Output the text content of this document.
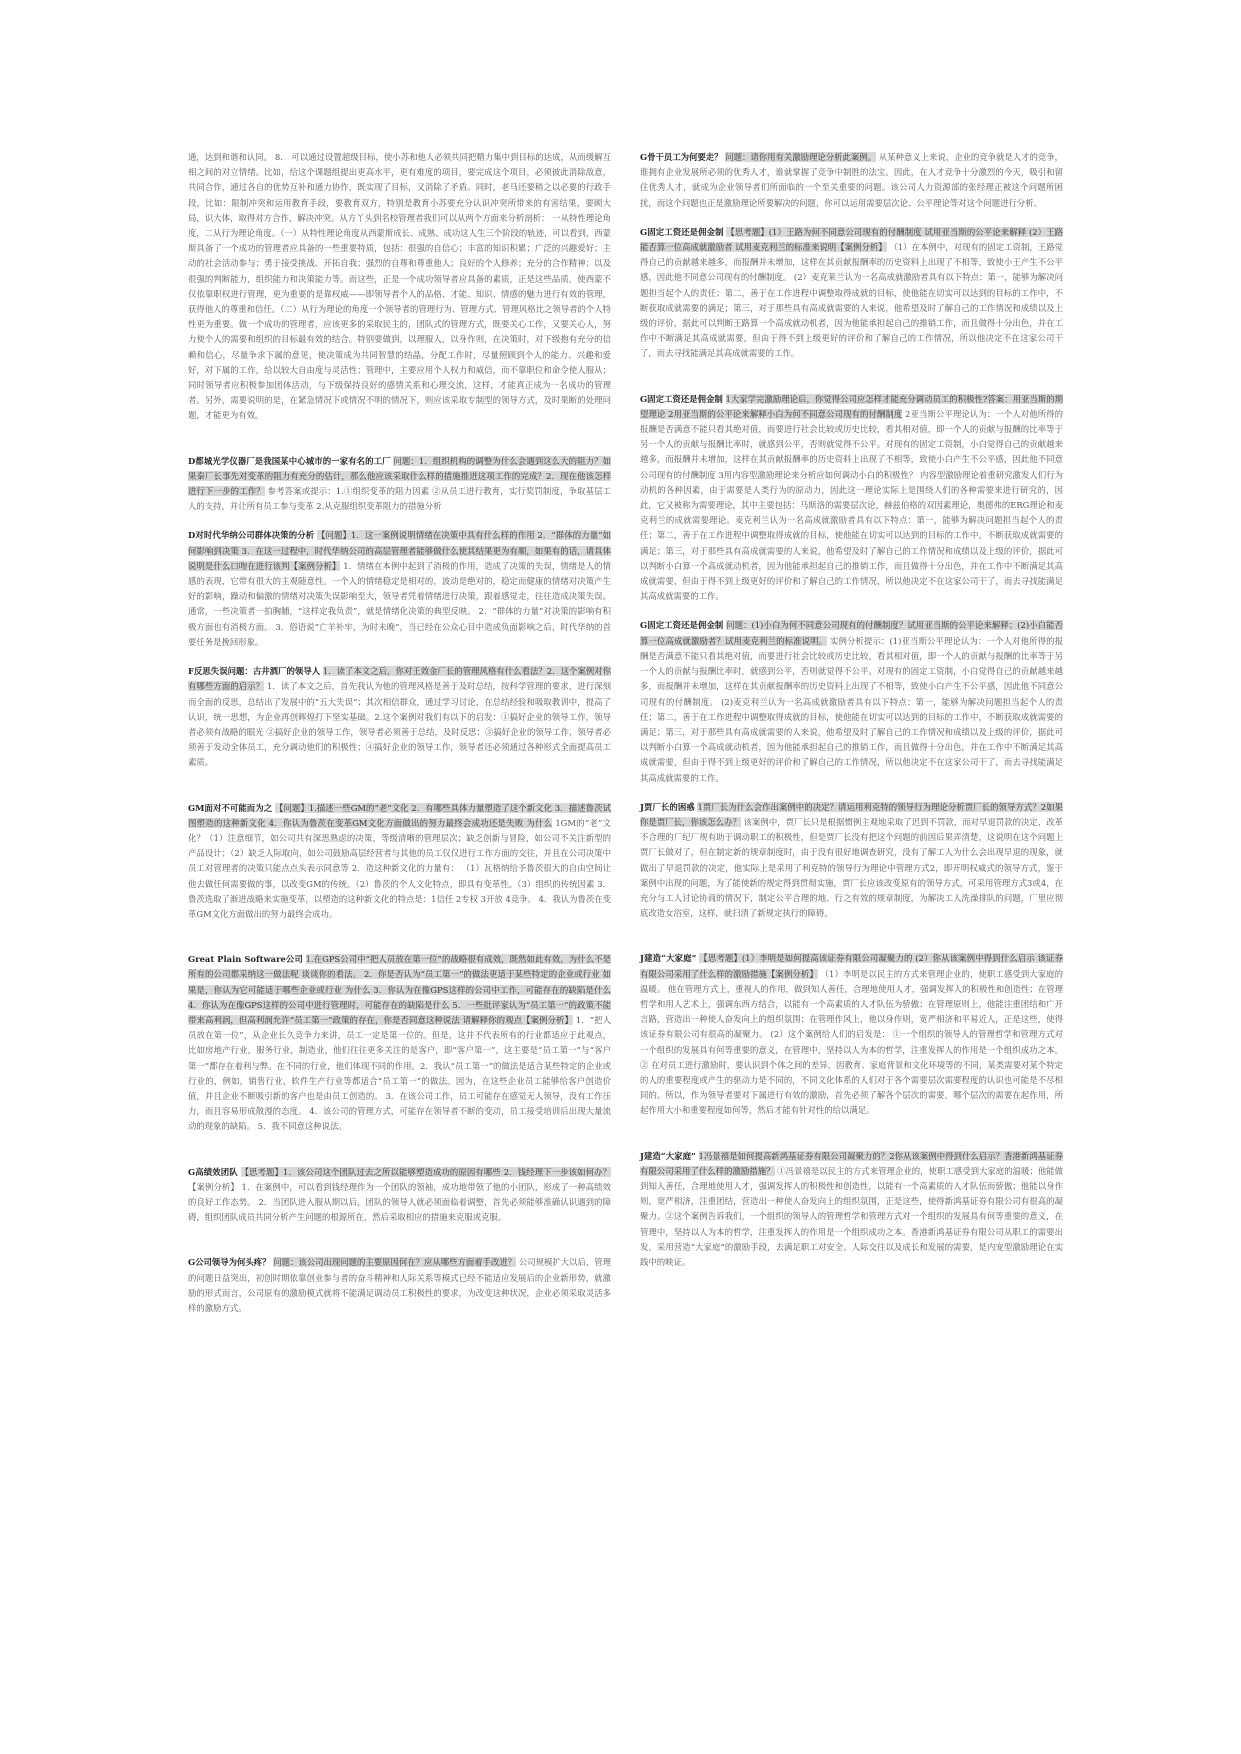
通，达到和谐和认同。 8． 可以通过设置超级目标，使小苏和他人必须共同把精力集中到目标的达成，从而缓解互相之间的对立情绪。比如，给这个课题组提出更高水平，更有难度的项目，要完成这个项目，必须彼此消除敌意，共同合作，通过各自的优势互补和通力协作，既实现了目标，又消除了矛盾。同时，老马还要稍之以必要的行政手段，比如：限制冲突和运用教育手段，要教育双方，特别是教育小苏要充分认识冲突所带来的有害结果，要顾大局，识大体，取得对方合作，解决冲突。从方丫头到名校管理者我们可以从两个方面来分析剖析： 一从特性理论角度，二从行为理论角度。（一）从特性理论角度从西蒙斯成长、成熟、成功这人生三个阶段的轨迹，可以看到，西蒙斯具备了一个成功的管理者应具备的一些重要特质，包括：很强的自信心；丰富的知识积累；广泛的兴趣爱好；主动的社会活动参与；勇于接受挑战、开拓自我；强烈的自尊和尊重他人；良好的个人修养；充分的合作精神；以及很强的判断能力，组织能力和决策能力等。而这些，正是一个成功领导者应具备的素质，正是这些品质，使西蒙不仅依靠职权进行管理，更为重要的是靠权威——即领导者个人的品格、才能、知识、情感的魅力进行有效的管理，获得他人的尊重和信任。（二）从行为理论的角度一个领导者的管理行为、管理方式、管理风格比之领导者的个人特性更为重要。做一个成功的管理者，应该更多的采取民主的，团队式的管理方式，既要关心工作，又要关心人，努力使个人的需要和组织的目标最有效的结合。特别要做到，以理服人，以身作则，在决策时，对下级抱有充分的信赖和信心，尽量争求下属的意见，使决策成为共同智慧的结晶，分配工作时，尽量照顾到个人的能力、兴趣和爱好，对下属的工作，给以较大自由度与灵活性；管理中，主要应用个人权力和威信，而不靠职位和命令使人服从；同时领导者应积极参加团体活动，与下级保持良好的感情关系和心理交流，这样，才能真正成为一名成功的管理者。另外，需要说明的是，在紧急情况下或情况不明的情况下，则应该采取专制型的领导方式，及时果断的处理问题，才能更为有效。
D都城光学仪器厂是我国某中心城市的一家有名的工厂 问题：1．组织机构的调整为什么会遇到这么大的阻力？如果秦厂长事先对变革的阻力有充分的估计，那么他应该采取什么样的措施推进这项工作的完成？2．现在他该怎样进行下一步的工作？ 参考答案或提示：1.①组织变革的阻力因素 ②从员工进行教育，实行奖罚制度，争取基层工人的支持，并让所有员工参与变革 2.从克服组织变革阻力的措施分析
D对时代华纳公司群体决策的分析 【问题】1．这一案例说明情绪在决策中具有什么样的作用 2．“群体的力量”如何影响到决策 3．在这一过程中，时代华纳公司的高层管理者能够做什么使其结果更为有顺，如果有的话，请具体说明是什么口吻在进行该判【案例分析】 1．情绪在本例中起到了消极的作用，造成了决策的失误，情绪是人的情感的表现，它带有很大的主观随意性。一个人的情绪稳定是相对的，波动是绝对的，稳定而健康的情绪对决策产生好的影响，躁动和偏激的情绪对决策失误影响至大，领导者凭着情绪进行决策，跟着感觉走，往往造成决策失误。通常，一些决策者一拍胸脯，“这样定我负责”，就是情绪化决策的典型反映。 2．“群体的力量”对决策的影响有积极方面也有消极方面。 3．俗语说“亡羊补牢，为时未晚”，当已经在公众心目中造成负面影响之后，时代华纳的首要任务是挽回形象。
F反思失误问题：古井酒厂的领导人 1．读了本文之后，你对王效金厂长的管理风格有什么看法？2．这个案例对你有哪些方面的启示？ 1．读了本文之后，首先我认为他的管理风格是善于及时总结，按科学管理的要求，进行深刻而全面的反思，总结出了发展中的“五大失误”；其次相信群众，通过学习讨论，在总结经验和吸取教训中，提高了认识，统一思想，为企业再创辉煌打下坚实基础。2.这个案例对我们有以下的启发：①搞好企业的领导工作，领导者必须有战略的眼光 ②搞好企业的领导工作，领导者必须善于总结，及时反思；③搞好企业的领导工作，领导者必须善于发动全体员工，充分调动他们的积极性；④搞好企业的领导工作，领导者还必须通过各种形式全面提高员工素质。
GM面对不可能而为之 【问题】1.描述一些GM的“老”文化 2．有哪些具体力量塑造了这个新文化 3．描述鲁茨试图塑造的这种新文化 4．你认为鲁茨在变革GM文化方面做出的努力最终会成功还是失败 为什么 1GM的“老”文化？（1）注意细节，如公司共有深思熟虑的决策，等级清晰的管理层次；缺乏创新与冒险，如公司不关注新型的产品设计；（2）缺乏人际取向，如公司鼓励高层经营者与其他的员工仅仅进行工作方面的交往，并且在公司决策中员工对管理者的决策只能点点头表示同意等 2．造这种新文化的力量有： （1）瓦格纳给予鲁茨很大的自由空间让他去做任何需要做的事，以改变GM的传统。（2）鲁茨的个人文化特点，即具有变革性。（3）组织的传统因素 3．鲁茨选取了渐进战略来实施变革，以塑造的这种新文化的特点是：1信任 2专权 3开放 4竞争。 4．我认为鲁茨在变革GM文化方面做出的努力最终会成功。
Great Plain Software公司 1.在GPS公司中“把人员放在第一位”的战略很有成效，既然如此有效，为什么不是所有的公司都采纳这一做法呢 谈谈你的看法。 2．你是否认为“员工第一”的做法更适于某些特定的企业或行业 如果是，你认为它可能适于哪些企业或行业 为什么 3．你认为在像GPS这样的公司中工作，可能存在的缺陷是什么 4．你认为在像GPS这样的公司中进行管理时，可能存在的缺陷是什么 5．一些批评家认为“员工第一”的政策不能带来高利润，但高利润允许“员工第一”政策的存在，你是否同意这种说法 请解释你的观点【案例分析】 1．“把人员放在第一位”，从企业长久竞争力来讲，员工一定是第一位的。但是，这并不代表所有的行业都适应于此观点，比如房地产行业，服务行业，制造业，他们往往更多关注的是客户，即“客户第一”，这主要是“员工第一”与“客户第一”都存在着利与弊。在不同的行业，他们体现不同的作用。2．我认“员工第一”的做法是适合某些特定的企业或行业的，例如，销售行业，软件生产行业等都适合“员工第一”的做法。因为，在这些企业员工能够给客户创造价值，并且企业不断吸引新的客户也是由员工创造的。 3．在该公司工作，员工可能存在感觉无人领导，没有工作压力，而且容易形成散漫的态度。 4．该公司的管理方式，可能存在领导者不断的变动，员工接受培训后出现大量流动的现象的缺陷。 5．我不同意这种说法。
G高绩效团队 【思考题】1．该公司这个团队过去之所以能够塑造成功的原因有哪些 2．钱经理下一步该如何办？ 【案例分析】 1．在案例中，可以看到钱经理作为一个团队的领袖，成功地带领了他的小团队，形成了一种高绩效的良好工作态势。 2．当团队进入服从期以后，团队的领导人就必须面临着调整，首先必须能够准确认识遇到的障碍，组织团队成员共同分析产生问题的根源所在，然后采取相应的措施来克服或克服。
G公司领导为何头疼？ 问题：该公司出现问题的主要原因何在？应从哪些方面着手改进？ 公司规模扩大以后，管理的问题日益突出，初创时期依靠创业参与者的奋斗精神和人际关系等模式已经不能适应发展后的企业新形势，就激励的形式而言，公司原有的激励模式就将不能满足调动员工积极性的要求，为改变这种状况，企业必须采取灵活多样的激励方式。
G骨干员工为何要走？ 问题：请你用有关激励理论分析此案例。 从某种意义上来说，企业的竞争就是人才的竞争，谁拥有企业发展所必须的优秀人才，谁就掌握了竞争中制胜的法宝。因此，在人才竞争十分激烈的今天，吸引和留住优秀人才，就成为企业领导者们所面临的一个至关重要的问题。该公司人力资源部的张经理正被这个问题所困扰，而这个问题也正是激励理论所要解决的问题，你可以运用需要层次论、公平理论等对这个问题进行分析。
G固定工资还是佣金制 【思考题】(1）王路为何不同意公司现有的付酬制度 试用亚当斯的公平论来解释 (2）王路能否算一位高成就激励者 试用麦克利兰的标准来说明【案例分析】 （1）在本例中，对现有的固定工资制，王路觉得自己的贡献越来越多，而报酬并未增加，这样在其贡献报酬率的历史资料上出现了不相等，致使小王产生不公平感，因此他不同意公司现有的付酬制度。 (2）麦克莱兰认为一名高成就激励者具有以下特点：第一，能够为解决问题担当起个人的责任；第二，善于在工作进程中调整取得成就的目标，使他能在切实可以达到的目标的工作中，不断获取成就需要的满足；第三，对于那些具有高成就需要的人来说，他希望及时了解自己的工作情况和成绩以及上级的评价，据此可以判断王路算一个高成就动机者，因为他能承担起自己的推销工作，而且做得十分出色，并在工作中不断满足其高成就需要，但由于得不到上级更好的评价和了解自己的工作情况，所以他决定不在这家公司干了，而去寻找能满足其高成就需要的工作。
G固定工资还是佣金制 1大家学完激励理论后，你觉得公司应怎样才能充分调动员工的积极性?答案：用亚当斯的期望理论 2用亚当斯的公平论来解释小白为何不同意公司现有的付酬制度 2亚当斯公平理论认为：一个人对他所得的报酬是否满意不能只看其绝对值，而要进行社会比较或历史比较，看其相对值，即一个人的贡献与报酬的比率等于另一个人的贡献与报酬比率时，就感到公平，否则就觉得不公平。对现有的固定工资制，小白觉得自己的贡献越来越多，而报酬并未增加，这样在其贡献报酬率的历史资料上出现了不相等，致使小白产生不公平感，因此他不同意公司现有的付酬制度 3用内容型激励理论来分析应如何调动小白的积极性？ 内容型激励理论着重研究激发人们行为动机的各种因素，由于需要是人类行为的原动力，因此这一理论实际上是围绕人们的各种需要来进行研究的，因此，它又被称为需要理论，其中主要包括：马斯洛的需要层次论，赫兹伯格的双因素理论，奥德弗的ERG理论和麦克利兰的成就需要理论。麦克利兰认为一名高成就激励者具有以下特点：第一，能够为解决问题担当起个人的责任；第二，善于在工作进程中调整取得成就的目标，使他能在切实可以达到的目标的工作中，不断获取成就需要的满足；第三，对于那些具有高成就需要的人来说，他希望及时了解自己的工作情况和成绩以及上级的评价，据此可以判断小白算一个高成就动机者，因为他能承担起自己的推销工作，而且做得十分出色，并在工作中不断满足其高成就需要，但由于得不到上级更好的评价和了解自己的工作情况，所以他决定不在这家公司干了，而去寻找能满足其高成就需要的工作。
G固定工资还是佣金制 问题：(1)小白为何不同意公司现有的付酬制度？试用亚当斯的公平论来解释；(2)小白能否算一位高成就激励者？试用麦克利兰的标准说明。 实例分析提示：(1)亚当斯公平理论认为：一个人对他所得的报酬是否满意不能只看其绝对值，而要进行社会比较或历史比较，看其相对值，即一个人的贡献与报酬的比率等于另一个人的贡献与报酬比率时，就感到公平，否则就觉得不公平。对现有的固定工资制，小白觉得自己的贡献越来越多，而报酬并未增加，这样在其贡献报酬率的历史资料上出现了不相等，致使小白产生不公平感，因此他不同意公司现有的付酬制度。 (2)麦克利兰认为一名高成就激励者具有以下特点：第一，能够为解决问题担当起个人的责任；第二，善于在工作进程中调整取得成就的目标，使他能在切实可以达到的目标的工作中，不断获取成就需要的满足；第三，对于那些具有高成就需要的人来说，他希望及时了解自己的工作情况和成绩以及上级的评价，据此可以判断小白算一个高成就动机者，因为他能承担起自己的推销工作，而且做得十分出色，并在工作中不断满足其高成就需要，但由于得不到上级更好的评价和了解自己的工作情况，所以他决定不在这家公司干了，而去寻找能满足其高成就需要的工作。
J贾厂长的困惑 1贾厂长为什么会作出案例中的决定？请运用利克特的领导行为理论分析贾厂长的领导方式？2如果你是贾厂长，你该怎么办？ 该案例中，贾厂长只是根据惯例主观地采取了迟到不罚款，而对早退罚款的决定，改革不合理的厂纪厂规有助于调动职工的积极性，但是贾厂长没有把这个问题的前因后果弄清楚，这说明在这个问题上贾厂长做对了，但在制定新的规章制度时，由于没有很好地调查研究，没有了解工人为什么会出现早退的现象，就做出了早退罚款的决定，他实际上是采用了利克特的领导行为理论中管理方式2，即开明权威式的领导方式，鉴于案例中出现的问题，为了能使新的规定得到贯彻实施，贾厂长应该改变原有的领导方式，可采用管理方式3或4，在充分与工人讨论协商的情况下，制定公平合理的地、行之有效的规章制度，为解决工人洗澡排队的问题，厂里应彻底改造女浴室，这样，就扫清了新规定执行的障碍。
J建造“大家庭” 【思考题】(1）李明是如何提高该证券有限公司凝聚力的 (2）你从该案例中得到什么启示 该证券有限公司采用了什么样的激励措施【案例分析】 （1）李明是以民主的方式来管理企业的，使职工感受到大家庭的温暖。 他在管理方式上，重视人的作用，做到知人善任，合理地使用人才，强调发挥人的积极性和创造性；在管理哲学和用人艺术上，强调东西方结合，以能有一个高素质的人才队伍为骄傲；在管理原则上，他能注重团结和广开言路，营造出一种使人奋发向上的组织氛围；在管理作风上，他以身作则，宽严相济和平易近人，正是这些，使得该证券有限公司有很高的凝聚力。 (2）这个案例给人们的启发是： ①一个组织的领导人的管理哲学和管理方式对一个组织的发展具有何等重要的意义，在管理中，坚持以人为本的哲学，注重发挥人的作用是一个组织成功之本。 ② 在对员工进行激励时，要认识到个体之间的差异，因教育、家庭背景和文化环境等的不同，某类需要对某个特定的人的重要程度或产生的驱动力是不同的，不同文化体系的人们对于各个需要层次需要程度的认识也可能是不尽相同的。所以，作为领导者要对下属进行有效的激励，首先必须了解各个层次的需要，哪个层次的需要在起作用，所起作用大小和重要程度如何等，然后才能有针对性的给以满足。
J建造“大家庭” 1冯景禧是如何提高新鸿基证券有限公司凝聚力的？2你从该案例中得到什么启示？香港新鸿基证券有限公司采用了什么样的激励措施？ ①冯景禧是以民主的方式来管理企业的，使职工感受到大家庭的温暖；他能做到知人善任，合理地使用人才，强调发挥人的积极性和创造性，以能有一个高素质的人才队伍而骄傲；他能以身作则，宽严相济，注重团结，营造出一种使人奋发向上的组织氛围，正是这些，使得新鸿基证券有限公司有很高的凝聚力。②这个案例告诉我们，一个组织的领导人的管理哲学和管理方式对一个组织的发展具有何等重要的意义，在管理中，坚持以人为本的哲学，注重发挥人的作用是一个组织成功之本。香港新鸿基证券有限公司从职工的需要出发，采用营造“大家庭”的激励手段，去满足职工对安全、人际交往以及成长和发展的需要，是内宠型激励理论在实践中的映证。
